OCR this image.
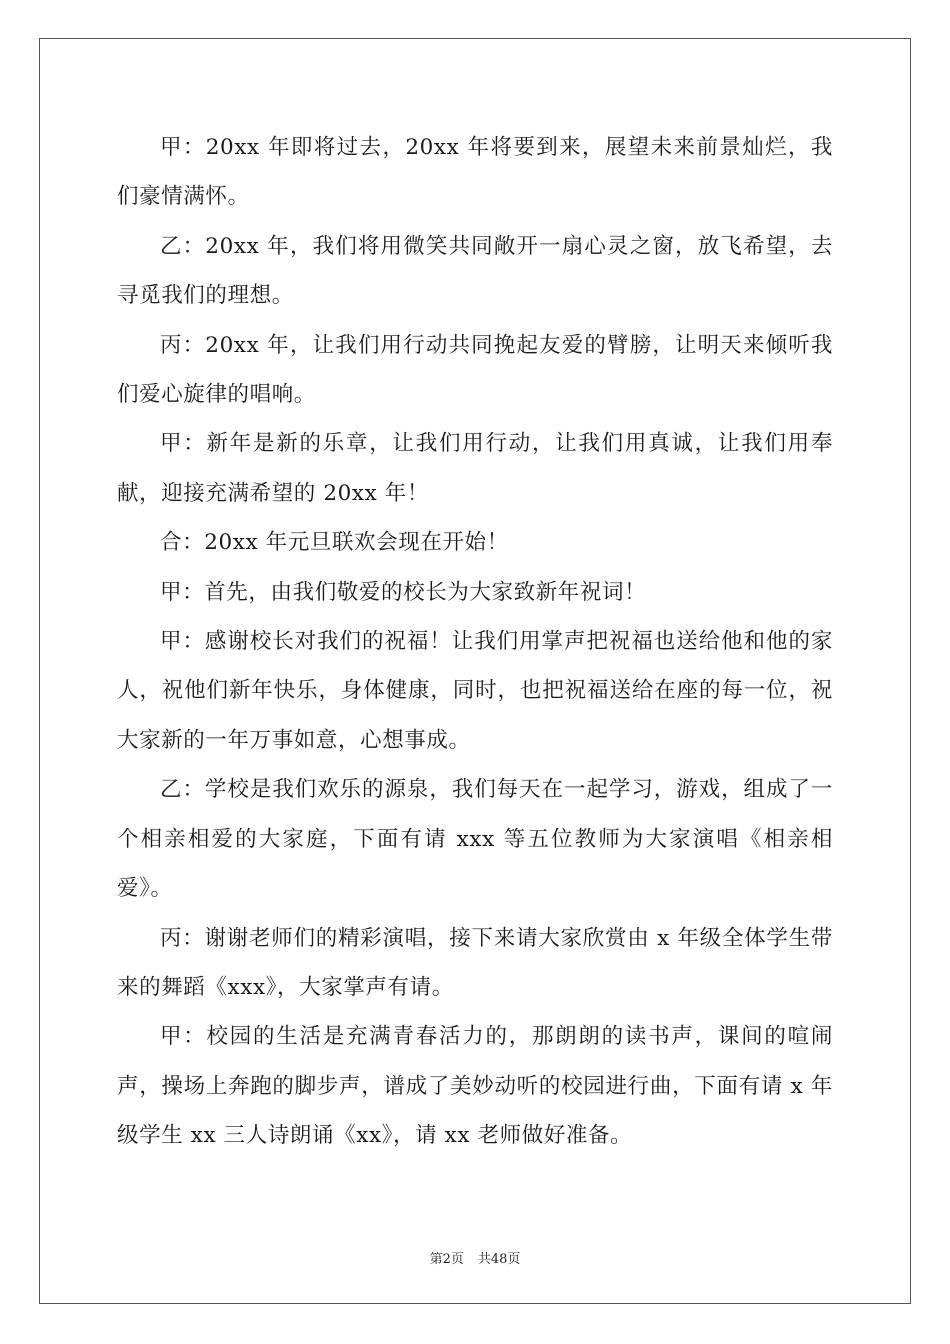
甲：20xx 年即将过去，20xx 年将要到来，展望未来前景灿烂，我们豪情满怀。

乙：20xx 年，我们将用微笑共同敞开一扇心灵之窗，放飞希望，去寻觅我们的理想。

丙：20xx 年，让我们用行动共同挽起友爱的臂膀，让明天来倾听我们爱心旋律的唱响。

甲：新年是新的乐章，让我们用行动，让我们用真诚，让我们用奉献，迎接充满希望的 20xx 年！

合：20xx 年元旦联欢会现在开始！

甲：首先，由我们敬爱的校长为大家致新年祝词！

甲：感谢校长对我们的祝福！让我们用掌声把祝福也送给他和他的家人，祝他们新年快乐，身体健康，同时，也把祝福送给在座的每一位，祝大家新的一年万事如意，心想事成。

乙：学校是我们欢乐的源泉，我们每天在一起学习，游戏，组成了一个相亲相爱的大家庭，下面有请 xxx 等五位教师为大家演唱《相亲相爱》。

丙：谢谢老师们的精彩演唱，接下来请大家欣赏由 x 年级全体学生带来的舞蹈《xxx》，大家掌声有请。

甲：校园的生活是充满青春活力的，那朗朗的读书声，课间的喧闹声，操场上奔跑的脚步声，谱成了美妙动听的校园进行曲，下面有请 x 年级学生 xx 三人诗朗诵《xx》，请 xx 老师做好准备。

第2页 共48页
